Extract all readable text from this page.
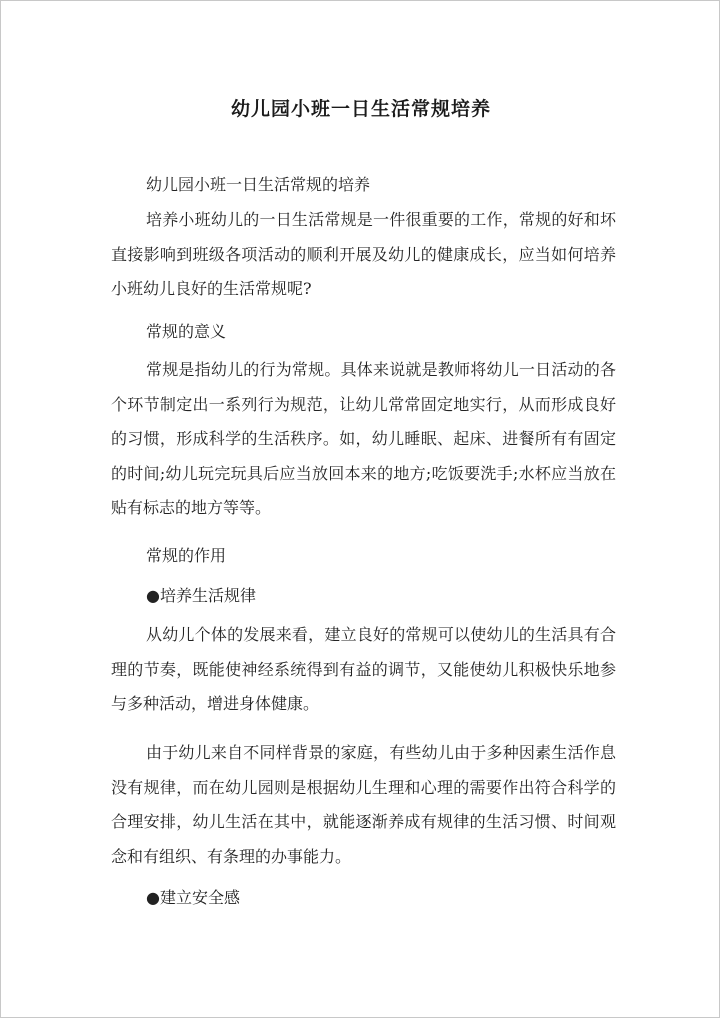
幼儿园小班一日生活常规培养

幼儿园小班一日生活常规的培养

培养小班幼儿的一日生活常规是一件很重要的工作，常规的好和坏直接影响到班级各项活动的顺利开展及幼儿的健康成长，应当如何培养小班幼儿良好的生活常规呢?

常规的意义

常规是指幼儿的行为常规。具体来说就是教师将幼儿一日活动的各个环节制定出一系列行为规范，让幼儿常常固定地实行，从而形成良好的习惯，形成科学的生活秩序。如，幼儿睡眠、起床、进餐所有有固定的时间;幼儿玩完玩具后应当放回本来的地方;吃饭要洗手;水杯应当放在贴有标志的地方等等。

常规的作用

●培养生活规律

从幼儿个体的发展来看，建立良好的常规可以使幼儿的生活具有合理的节奏，既能使神经系统得到有益的调节，又能使幼儿积极快乐地参与多种活动，增进身体健康。

由于幼儿来自不同样背景的家庭，有些幼儿由于多种因素生活作息没有规律，而在幼儿园则是根据幼儿生理和心理的需要作出符合科学的合理安排，幼儿生活在其中，就能逐渐养成有规律的生活习惯、时间观念和有组织、有条理的办事能力。

●建立安全感
